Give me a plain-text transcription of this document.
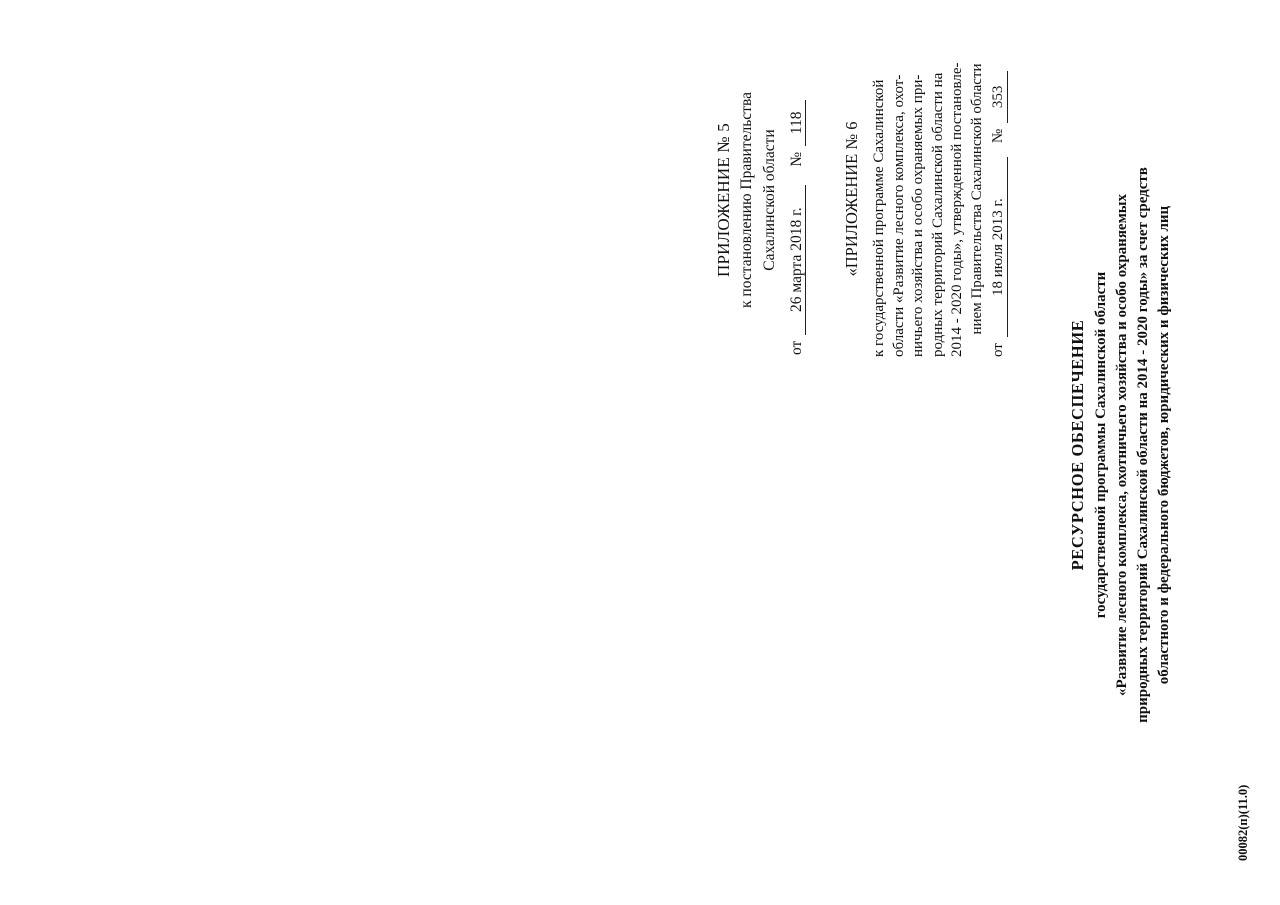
ПРИЛОЖЕНИЕ № 5 к постановлению Правительства Сахалинской области
от26 марта 2018 г.№118 «ПРИЛОЖЕНИЕ № 6 к государственной программе Сахалинской области «Развитие лесного комплекса, охот- ничьего хозяйства и особо охраняемых при- родных территорий Сахалинской области на 2014 - 2020 годы», утвержденной постановле- нием Правительства Сахалинской области
от18 июля 2013 г.№353
РЕСУРСНОЕ ОБЕСПЕЧЕНИЕ государственной программы Сахалинской области «Развитие лесного комплекса, охотничьего хозяйства и особо охраняемых природных территорий Сахалинской области на 2014 - 2020 годы» за счет средств областного и федерального бюджетов, юридических и физических лиц
00082(п)(11.0)
